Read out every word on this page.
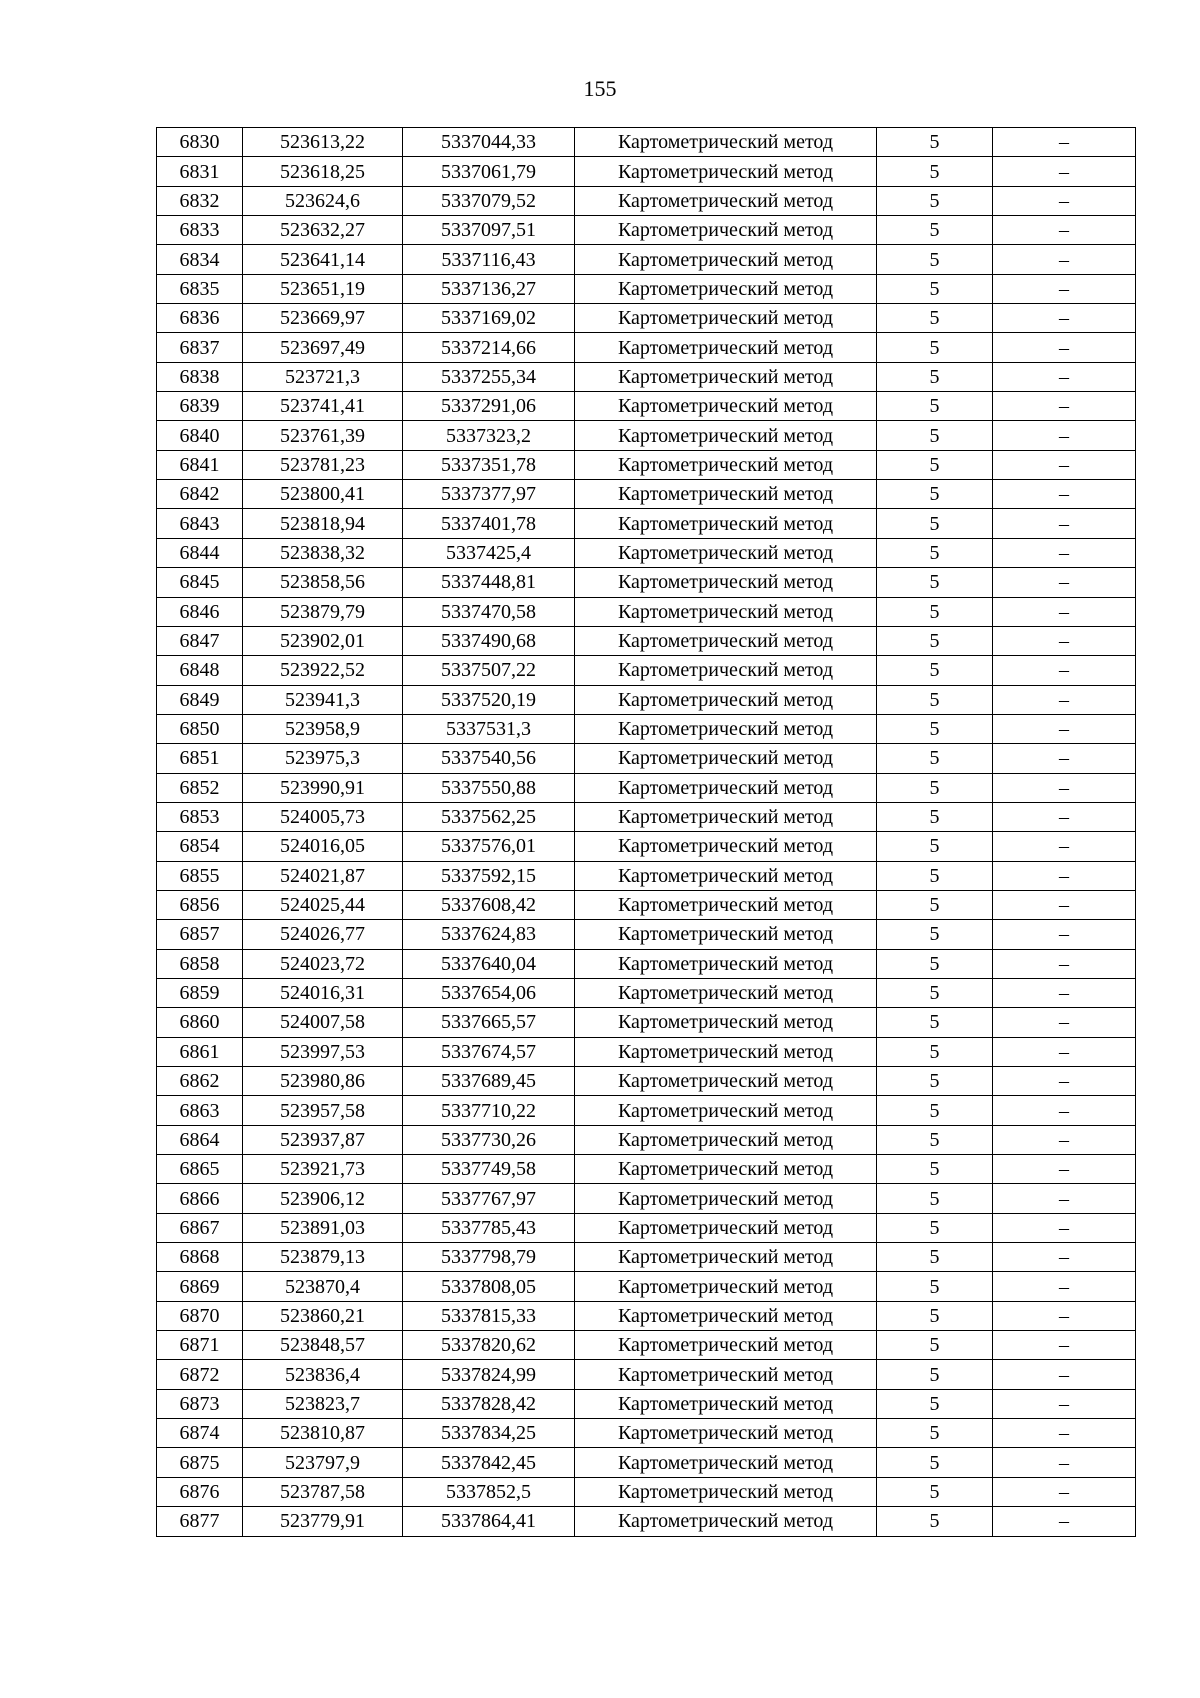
155
6830	523613,22	5337044,33	Картометрический метод	5	–
6831	523618,25	5337061,79	Картометрический метод	5	–
6832	523624,6	5337079,52	Картометрический метод	5	–
6833	523632,27	5337097,51	Картометрический метод	5	–
6834	523641,14	5337116,43	Картометрический метод	5	–
6835	523651,19	5337136,27	Картометрический метод	5	–
6836	523669,97	5337169,02	Картометрический метод	5	–
6837	523697,49	5337214,66	Картометрический метод	5	–
6838	523721,3	5337255,34	Картометрический метод	5	–
6839	523741,41	5337291,06	Картометрический метод	5	–
6840	523761,39	5337323,2	Картометрический метод	5	–
6841	523781,23	5337351,78	Картометрический метод	5	–
6842	523800,41	5337377,97	Картометрический метод	5	–
6843	523818,94	5337401,78	Картометрический метод	5	–
6844	523838,32	5337425,4	Картометрический метод	5	–
6845	523858,56	5337448,81	Картометрический метод	5	–
6846	523879,79	5337470,58	Картометрический метод	5	–
6847	523902,01	5337490,68	Картометрический метод	5	–
6848	523922,52	5337507,22	Картометрический метод	5	–
6849	523941,3	5337520,19	Картометрический метод	5	–
6850	523958,9	5337531,3	Картометрический метод	5	–
6851	523975,3	5337540,56	Картометрический метод	5	–
6852	523990,91	5337550,88	Картометрический метод	5	–
6853	524005,73	5337562,25	Картометрический метод	5	–
6854	524016,05	5337576,01	Картометрический метод	5	–
6855	524021,87	5337592,15	Картометрический метод	5	–
6856	524025,44	5337608,42	Картометрический метод	5	–
6857	524026,77	5337624,83	Картометрический метод	5	–
6858	524023,72	5337640,04	Картометрический метод	5	–
6859	524016,31	5337654,06	Картометрический метод	5	–
6860	524007,58	5337665,57	Картометрический метод	5	–
6861	523997,53	5337674,57	Картометрический метод	5	–
6862	523980,86	5337689,45	Картометрический метод	5	–
6863	523957,58	5337710,22	Картометрический метод	5	–
6864	523937,87	5337730,26	Картометрический метод	5	–
6865	523921,73	5337749,58	Картометрический метод	5	–
6866	523906,12	5337767,97	Картометрический метод	5	–
6867	523891,03	5337785,43	Картометрический метод	5	–
6868	523879,13	5337798,79	Картометрический метод	5	–
6869	523870,4	5337808,05	Картометрический метод	5	–
6870	523860,21	5337815,33	Картометрический метод	5	–
6871	523848,57	5337820,62	Картометрический метод	5	–
6872	523836,4	5337824,99	Картометрический метод	5	–
6873	523823,7	5337828,42	Картометрический метод	5	–
6874	523810,87	5337834,25	Картометрический метод	5	–
6875	523797,9	5337842,45	Картометрический метод	5	–
6876	523787,58	5337852,5	Картометрический метод	5	–
6877	523779,91	5337864,41	Картометрический метод	5	–
